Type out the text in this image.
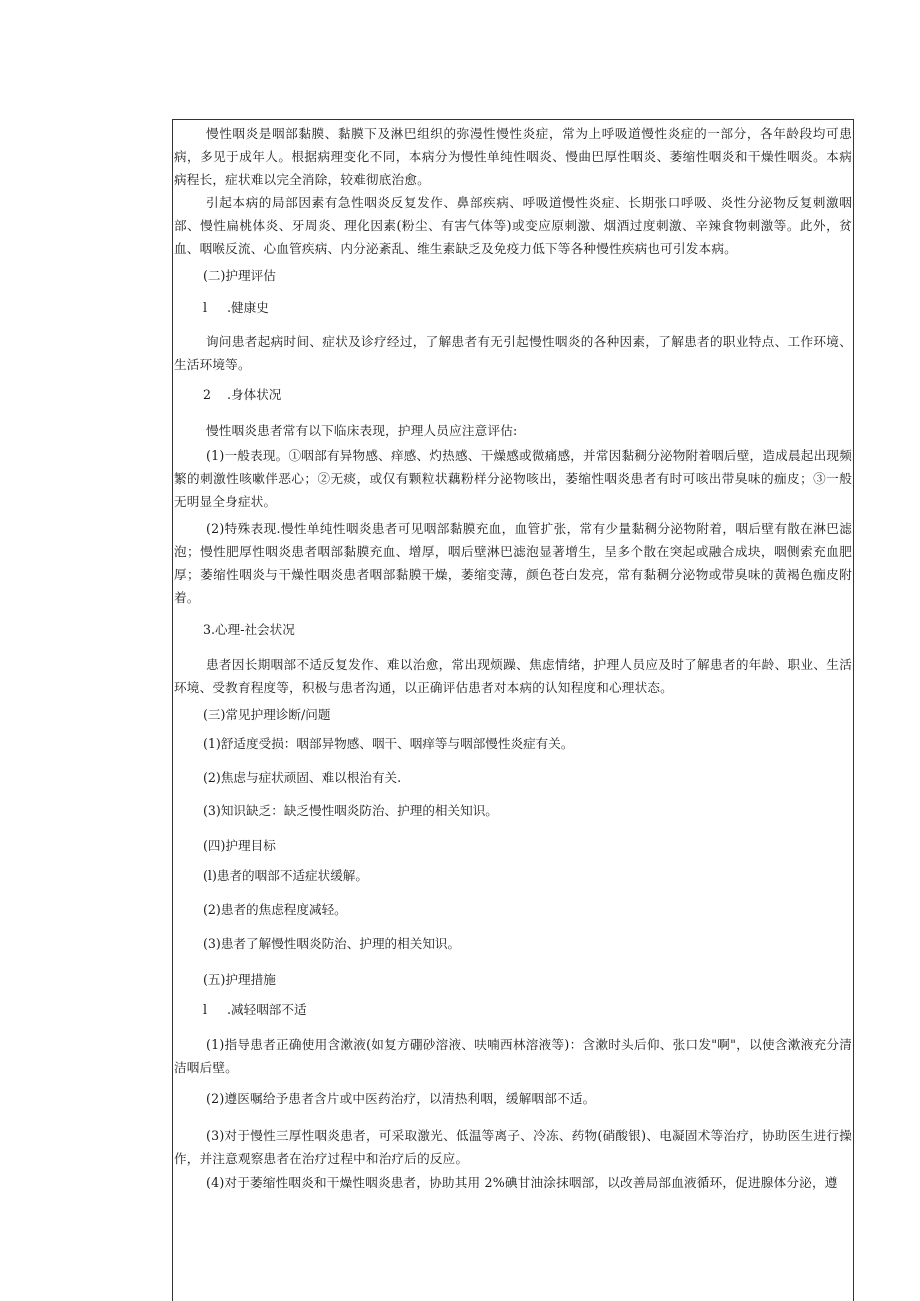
慢性咽炎是咽部黏膜、黏膜下及淋巴组织的弥漫性慢性炎症，常为上呼吸道慢性炎症的一部分，各年龄段均可患病，多见于成年人。根据病理变化不同，本病分为慢性单纯性咽炎、慢曲巴厚性咽炎、萎缩性咽炎和干燥性咽炎。本病病程长，症状难以完全消除，较难彻底治愈。
引起本病的局部因素有急性咽炎反复发作、鼻部疾病、呼吸道慢性炎症、长期张口呼吸、炎性分泌物反复刺激咽部、慢性扁桃体炎、牙周炎、理化因素(粉尘、有害气体等)或变应原刺激、烟酒过度刺激、辛辣食物刺激等。此外，贫血、咽喉反流、心血管疾病、内分泌紊乱、维生素缺乏及免疫力低下等各种慢性疾病也可引发本病。
(二)护理评估
l .健康史
询问患者起病时间、症状及诊疗经过，了解患者有无引起慢性咽炎的各种因素，了解患者的职业特点、工作环境、生活环境等。
2 .身体状况
慢性咽炎患者常有以下临床表现，护理人员应注意评估:
(1)一般表现。①咽部有异物感、痒感、灼热感、干燥感或微痛感，并常因黏稠分泌物附着咽后壁，造成晨起出现频繁的刺激性咳嗽伴恶心；②无痰，或仅有颗粒状藕粉样分泌物咳出，萎缩性咽炎患者有时可咳出带臭味的痂皮；③一般无明显全身症状。
(2)特殊表现.慢性单纯性咽炎患者可见咽部黏膜充血，血管扩张，常有少量黏稠分泌物附着，咽后壁有散在淋巴滤泡；慢性肥厚性咽炎患者咽部黏膜充血、增厚，咽后壁淋巴滤泡显著增生，呈多个散在突起或融合成块，咽侧索充血肥厚；萎缩性咽炎与干燥性咽炎患者咽部黏膜干燥，萎缩变薄，颜色苍白发亮，常有黏稠分泌物或带臭味的黄褐色痂皮附着。
3.心理-社会状况
患者因长期咽部不适反复发作、难以治愈，常出现烦躁、焦虑情绪，护理人员应及时了解患者的年龄、职业、生活环境、受教育程度等，积极与患者沟通，以正确评估患者对本病的认知程度和心理状态。
(三)常见护理诊断/问题
(1)舒适度受损：咽部异物感、咽干、咽痒等与咽部慢性炎症有关。
(2)焦虑与症状顽固、难以根治有关.
(3)知识缺乏：缺乏慢性咽炎防治、护理的相关知识。
(四)护理目标
(l)患者的咽部不适症状缓解。
(2)患者的焦虑程度减轻。
(3)患者了解慢性咽炎防治、护理的相关知识。
(五)护理措施
l .减轻咽部不适
(1)指导患者正确使用含漱液(如复方硼砂溶液、呋喃西林溶液等)：含漱时头后仰、张口发"啊"，以使含漱液充分清洁咽后壁。
(2)遵医嘱给予患者含片或中医药治疗，以清热利咽，缓解咽部不适。
(3)对于慢性三厚性咽炎患者，可采取激光、低温等离子、冷冻、药物(硝酸银)、电凝固术等治疗，协助医生进行操作，并注意观察患者在治疗过程中和治疗后的反应。
(4)对于萎缩性咽炎和干燥性咽炎患者，协助其用 2%碘甘油涂抹咽部，以改善局部血液循环，促进腺体分泌，遵
